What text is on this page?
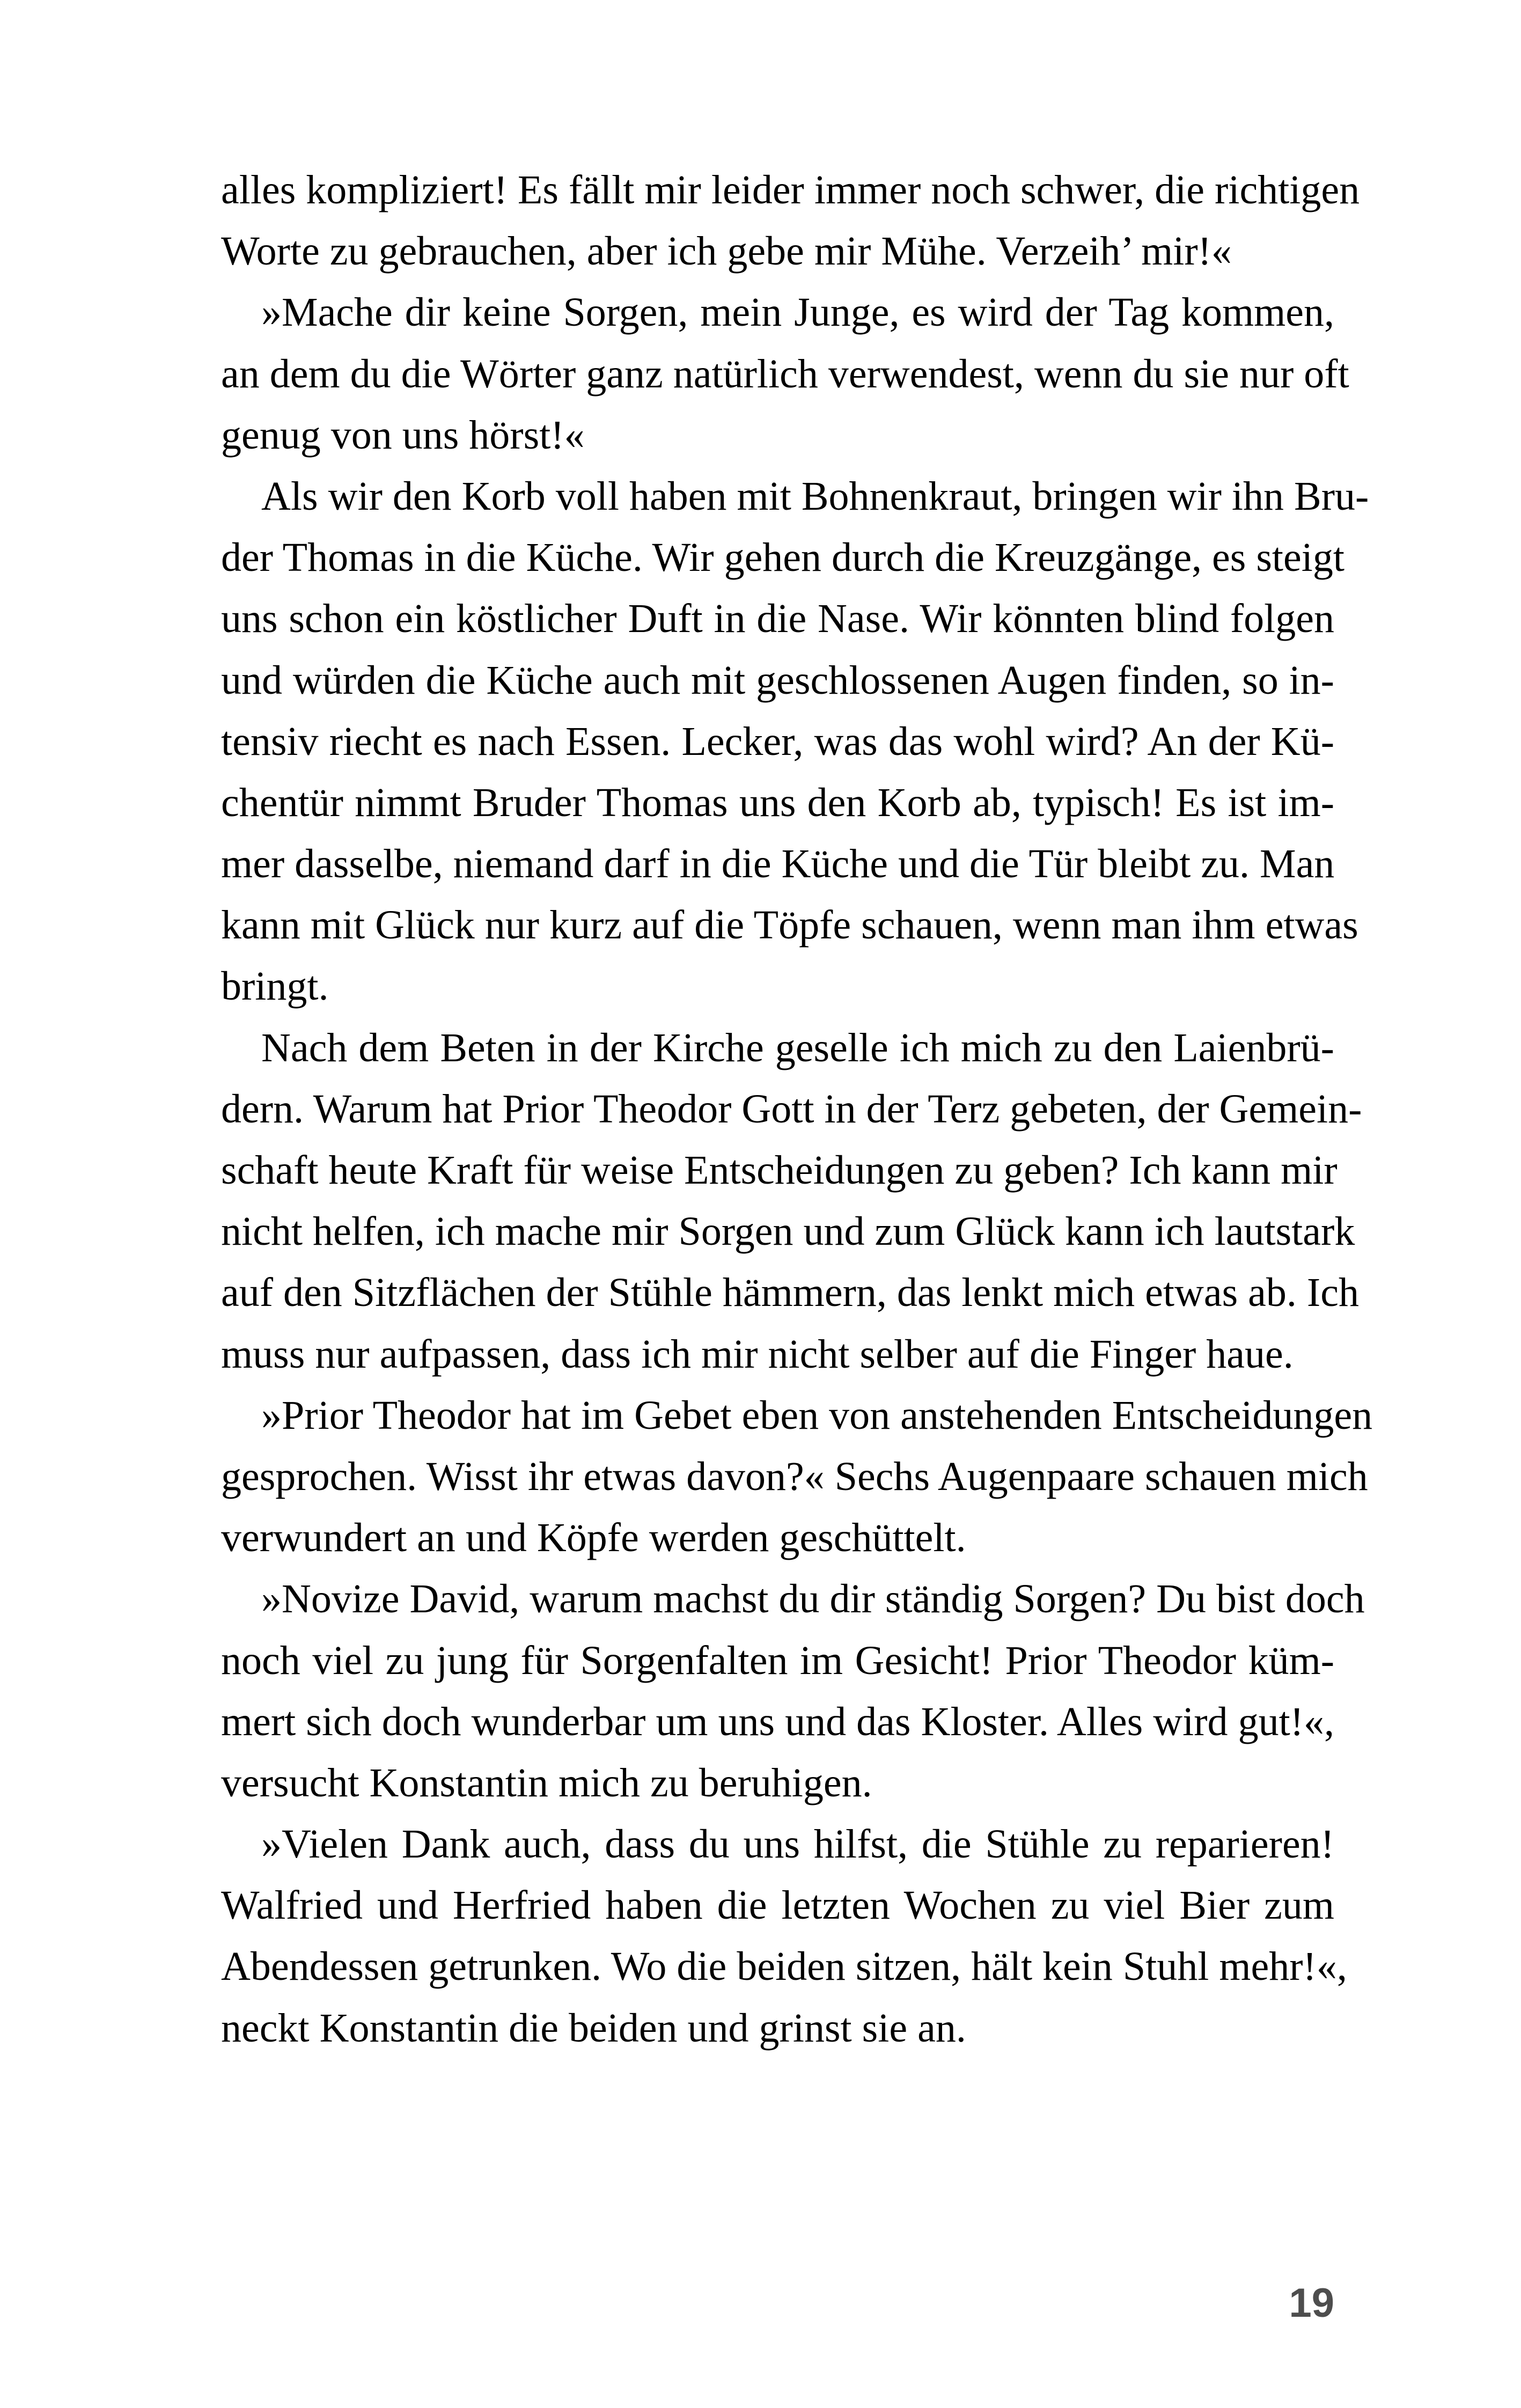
alles kompliziert! Es fällt mir leider immer noch schwer, die richtigen
Worte zu gebrauchen, aber ich gebe mir Mühe. Verzeih’ mir!«
»Mache dir keine Sorgen, mein Junge, es wird der Tag kommen,
an dem du die Wörter ganz natürlich verwendest, wenn du sie nur oft
genug von uns hörst!«
Als wir den Korb voll haben mit Bohnenkraut, bringen wir ihn Bru-
der Thomas in die Küche. Wir gehen durch die Kreuzgänge, es steigt
uns schon ein köstlicher Duft in die Nase. Wir könnten blind folgen
und würden die Küche auch mit geschlossenen Augen finden, so in-
tensiv riecht es nach Essen. Lecker, was das wohl wird? An der Kü-
chentür nimmt Bruder Thomas uns den Korb ab, typisch! Es ist im-
mer dasselbe, niemand darf in die Küche und die Tür bleibt zu. Man
kann mit Glück nur kurz auf die Töpfe schauen, wenn man ihm etwas
bringt.
Nach dem Beten in der Kirche geselle ich mich zu den Laienbrü-
dern. Warum hat Prior Theodor Gott in der Terz gebeten, der Gemein-
schaft heute Kraft für weise Entscheidungen zu geben? Ich kann mir
nicht helfen, ich mache mir Sorgen und zum Glück kann ich lautstark
auf den Sitzflächen der Stühle hämmern, das lenkt mich etwas ab. Ich
muss nur aufpassen, dass ich mir nicht selber auf die Finger haue.
»Prior Theodor hat im Gebet eben von anstehenden Entscheidungen
gesprochen. Wisst ihr etwas davon?« Sechs Augenpaare schauen mich
verwundert an und Köpfe werden geschüttelt.
»Novize David, warum machst du dir ständig Sorgen? Du bist doch
noch viel zu jung für Sorgenfalten im Gesicht! Prior Theodor küm-
mert sich doch wunderbar um uns und das Kloster. Alles wird gut!«,
versucht Konstantin mich zu beruhigen.
»Vielen Dank auch, dass du uns hilfst, die Stühle zu reparieren!
Walfried und Herfried haben die letzten Wochen zu viel Bier zum
Abendessen getrunken. Wo die beiden sitzen, hält kein Stuhl mehr!«,
neckt Konstantin die beiden und grinst sie an.
19
